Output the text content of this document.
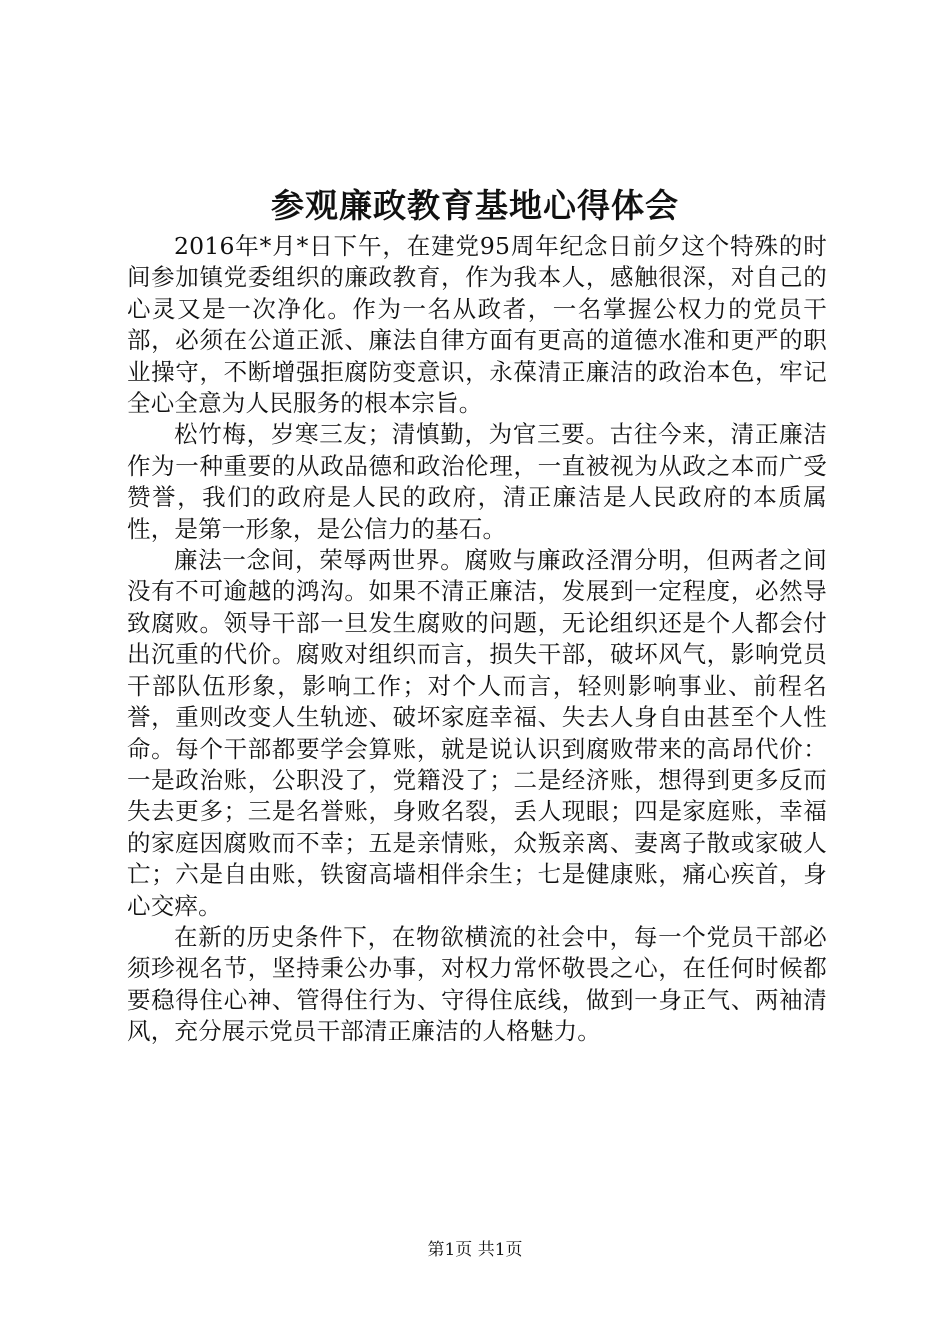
参观廉政教育基地心得体会

2016年*月*日下午，在建党95周年纪念日前夕这个特殊的时间参加镇党委组织的廉政教育，作为我本人，感触很深，对自己的心灵又是一次净化。作为一名从政者，一名掌握公权力的党员干部，必须在公道正派、廉法自律方面有更高的道德水准和更严的职业操守，不断增强拒腐防变意识，永葆清正廉洁的政治本色，牢记全心全意为人民服务的根本宗旨。

松竹梅，岁寒三友；清慎勤，为官三要。古往今来，清正廉洁作为一种重要的从政品德和政治伦理，一直被视为从政之本而广受赞誉，我们的政府是人民的政府，清正廉洁是人民政府的本质属性，是第一形象，是公信力的基石。

廉法一念间，荣辱两世界。腐败与廉政泾渭分明，但两者之间没有不可逾越的鸿沟。如果不清正廉洁，发展到一定程度，必然导致腐败。领导干部一旦发生腐败的问题，无论组织还是个人都会付出沉重的代价。腐败对组织而言，损失干部，破坏风气，影响党员干部队伍形象，影响工作；对个人而言，轻则影响事业、前程名誉，重则改变人生轨迹、破坏家庭幸福、失去人身自由甚至个人性命。每个干部都要学会算账，就是说认识到腐败带来的高昂代价：一是政治账，公职没了，党籍没了；二是经济账，想得到更多反而失去更多；三是名誉账，身败名裂，丢人现眼；四是家庭账，幸福的家庭因腐败而不幸；五是亲情账，众叛亲离、妻离子散或家破人亡；六是自由账，铁窗高墙相伴余生；七是健康账，痛心疾首，身心交瘁。

在新的历史条件下，在物欲横流的社会中，每一个党员干部必须珍视名节，坚持秉公办事，对权力常怀敬畏之心，在任何时候都要稳得住心神、管得住行为、守得住底线，做到一身正气、两袖清风，充分展示党员干部清正廉洁的人格魅力。

第1页 共1页
